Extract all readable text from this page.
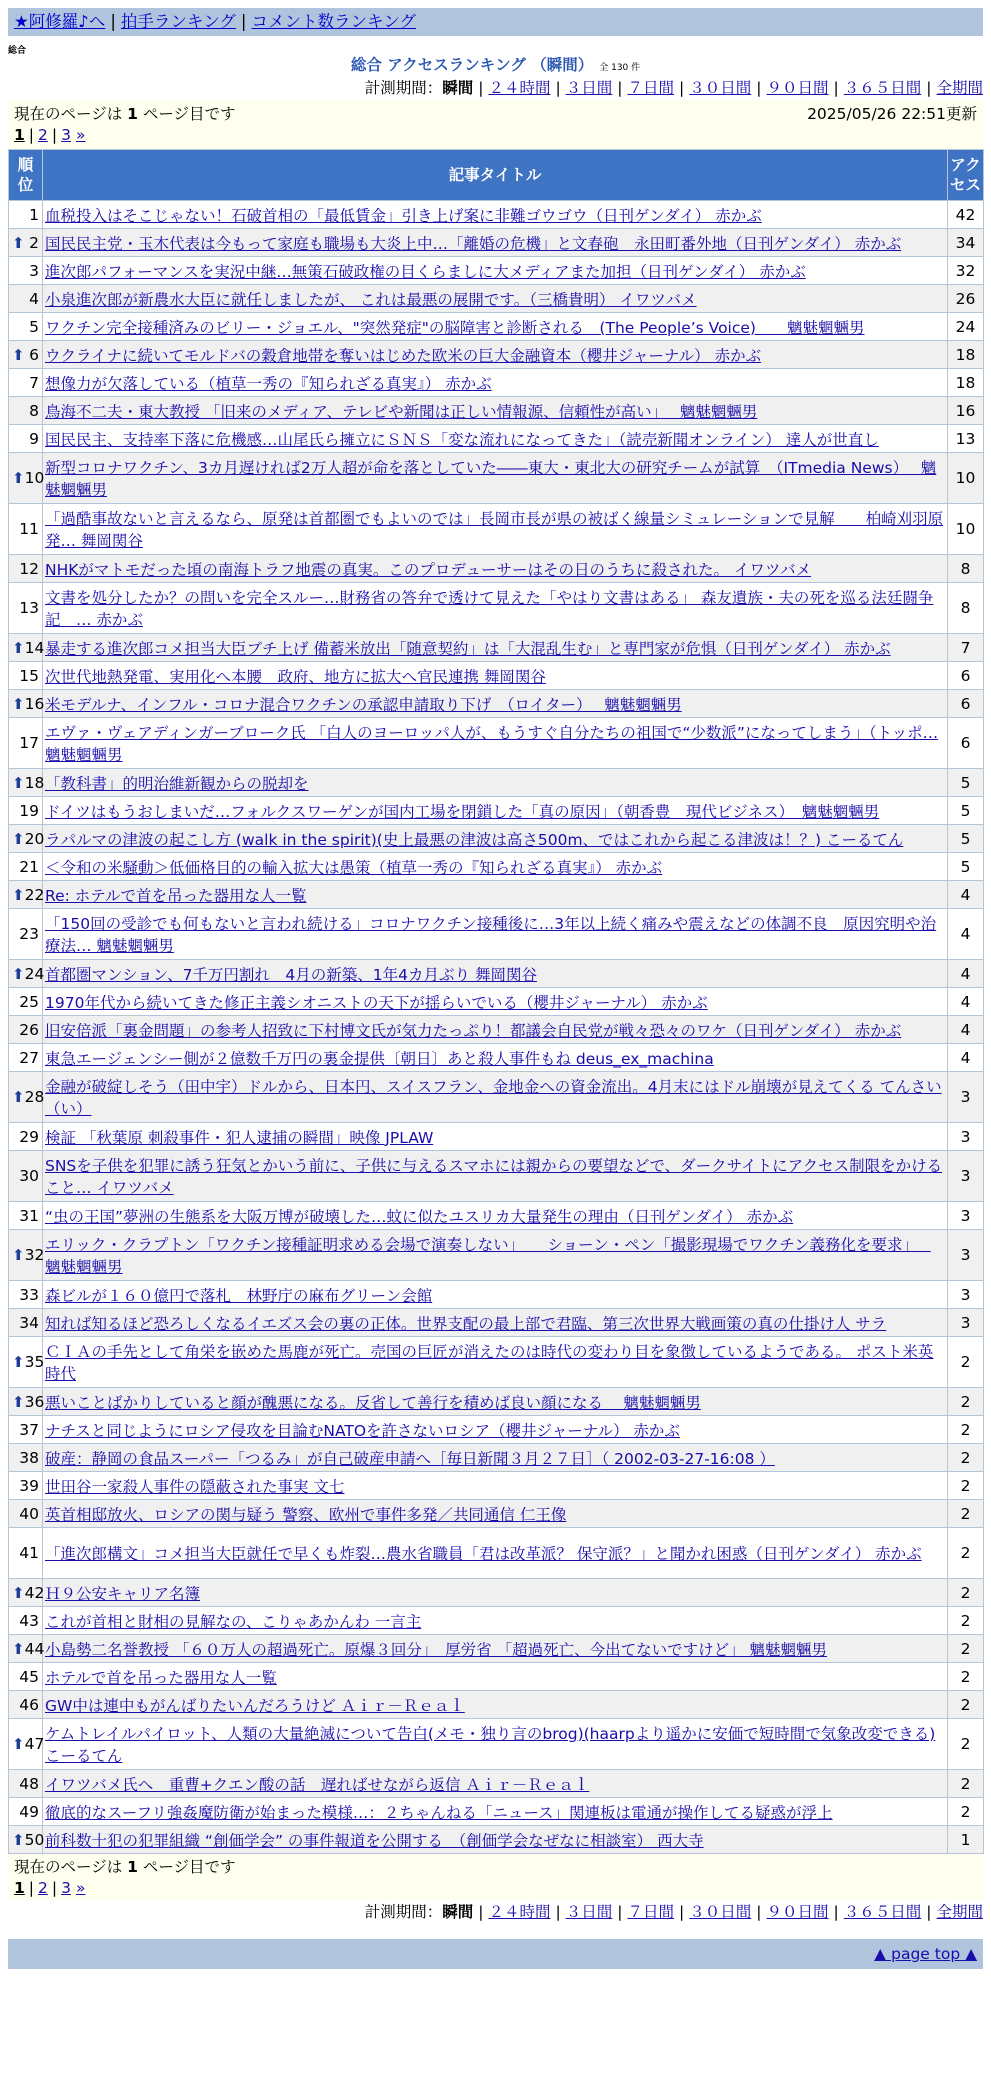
★阿修羅♪へ | 拍手ランキング | コメント数ランキング
総合
総合 アクセスランキング （瞬間） 全 130 件
計測期間：瞬間 | ２４時間 | ３日間 | ７日間 | ３０日間 | ９０日間 | ３６５日間 | 全期間
現在のページは 1 ページ目です	2025/05/26 22:51更新
1 | 2 | 3 »
順位	記事タイトル	アクセス
1	血税投入はそこじゃない！石破首相の「最低賃金」引き上げ案に非難ゴウゴウ（日刊ゲンダイ） 赤かぶ	42

⬆ 2	国民民主党・玉木代表は今もって家庭も職場も大炎上中…「離婚の危機」と文春砲　永田町番外地（日刊ゲンダイ） 赤かぶ	34
3	進次郎パフォーマンスを実況中継…無策石破政権の目くらましに大メディアまた加担（日刊ゲンダイ） 赤かぶ	32
4	小泉進次郎が新農水大臣に就任しましたが、 これは最悪の展開です。（三橋貴明） イワツバメ	26
5	ワクチン完全接種済みのビリー・ジョエル、"突然発症"の脳障害と診断される　(The People’s Voice)　　魑魅魍魎男	24

⬆ 6	ウクライナに続いてモルドバの穀倉地帯を奪いはじめた欧米の巨大金融資本（櫻井ジャーナル） 赤かぶ	18
7	想像力が欠落している（植草一秀の『知られざる真実』） 赤かぶ	18
8	鳥海不二夫・東大教授 「旧来のメディア、テレビや新聞は正しい情報源、信頼性が高い」　 魑魅魍魎男	16
9	国民民主、支持率下落に危機感…山尾氏ら擁立にＳＮＳ「変な流れになってきた」（読売新聞オンライン） 達人が世直し	13

⬆ 10	新型コロナワクチン、3カ月遅ければ2万人超が命を落としていた――東大・東北大の研究チームが試算　（ITmedia News）　 魑魅魍魎男	10
11	「過酷事故ないと言えるなら、原発は首都圏でもよいのでは」長岡市長が県の被ばく線量シミュレーションで見解　　柏崎刈羽原発… 舞岡関谷	10
12	NHKがマトモだった頃の南海トラフ地震の真実。このプロデューサーはその日のうちに殺された。 イワツバメ	8
13	文書を処分したか？の問いを完全スルー…財務省の答弁で透けて見えた「やはり文書はある」 森友遺族・夫の死を巡る法廷闘争記　… 赤かぶ	8

⬆ 14	暴走する進次郎コメ担当大臣ブチ上げ 備蓄米放出「随意契約」は「大混乱生む」と専門家が危惧（日刊ゲンダイ） 赤かぶ	7
15	次世代地熱発電、実用化へ本腰　政府、地方に拡大へ官民連携 舞岡関谷	6

⬆ 16	米モデルナ、インフル・コロナ混合ワクチンの承認申請取り下げ　（ロイター）　 魑魅魍魎男	6
17	エヴァ・ヴェアディンガーブローク氏 「白人のヨーロッパ人が、もうすぐ自分たちの祖国で“少数派”になってしまう」（トッポ… 魑魅魍魎男	6

⬆ 18	「教科書」的明治維新観からの脱却を	5
19	ドイツはもうおしまいだ…フォルクスワーゲンが国内工場を閉鎖した「真の原因」（朝香豊　現代ビジネス）　魑魅魍魎男	5

⬆ 20	ラパルマの津波の起こし方 (walk in the spirit)(史上最悪の津波は高さ500m、ではこれから起こる津波は！？) こーるてん	5
21	＜令和の米騒動＞低価格目的の輸入拡大は愚策（植草一秀の『知られざる真実』） 赤かぶ	5

⬆ 22	Re: ホテルで首を吊った器用な人一覧	4
23	「150回の受診でも何もないと言われ続ける」コロナワクチン接種後に…3年以上続く痛みや震えなどの体調不良　原因究明や治療法… 魑魅魍魎男	4

⬆ 24	首都圏マンション、7千万円割れ　4月の新築、1年4カ月ぶり 舞岡関谷	4
25	1970年代から続いてきた修正主義シオニストの天下が揺らいでいる（櫻井ジャーナル） 赤かぶ	4
26	旧安倍派「裏金問題」の参考人招致に下村博文氏が気力たっぷり！都議会自民党が戦々恐々のワケ（日刊ゲンダイ） 赤かぶ	4
27	東急エージェンシー側が２億数千万円の裏金提供〔朝日〕あと殺人事件もね deus_ex_machina	4

⬆ 28	金融が破綻しそう（田中宇）ドルから、日本円、スイスフラン、金地金への資金流出。4月末にはドル崩壊が見えてくる てんさい（い）	3
29	検証 「秋葉原 刺殺事件・犯人逮捕の瞬間」映像 JPLAW	3
30	SNSを子供を犯罪に誘う狂気とかいう前に、子供に与えるスマホには親からの要望などで、ダークサイトにアクセス制限をかけること… イワツバメ	3
31	“虫の王国”夢洲の生態系を大阪万博が破壊した…蚊に似たユスリカ大量発生の理由（日刊ゲンダイ） 赤かぶ	3

⬆ 32	エリック・クラプトン「ワクチン接種証明求める会場で演奏しない」　　ショーン・ペン「撮影現場でワクチン義務化を要求」　 魑魅魍魎男	3
33	森ビルが１６０億円で落札　林野庁の麻布グリーン会館	3
34	知れば知るほど恐ろしくなるイエズス会の裏の正体。世界支配の最上部で君臨、第三次世界大戦画策の真の仕掛け人 サラ	3

⬆ 35	ＣＩＡの手先として角栄を嵌めた馬鹿が死亡。売国の巨匠が消えたのは時代の変わり目を象徴しているようである。 ポスト米英時代	2

⬆ 36	悪いことばかりしていると顔が醜悪になる。反省して善行を積めば良い顔になる　 魑魅魍魎男	2
37	ナチスと同じようにロシア侵攻を目論むNATOを許さないロシア（櫻井ジャーナル） 赤かぶ	2
38	破産：静岡の食品スーパー「つるみ」が自己破産申請へ［毎日新聞３月２７日］（ 2002-03-27-16:08 ）	2
39	世田谷一家殺人事件の隠蔽された事実 文七	2
40	英首相邸放火、ロシアの関与疑う 警察、欧州で事件多発／共同通信 仁王像	2
41	「進次郎構文」コメ担当大臣就任で早くも炸裂…農水省職員「君は改革派？ 保守派？」と聞かれ困惑（日刊ゲンダイ） 赤かぶ	2

⬆ 42	Ｈ９公安キャリア名簿	2
43	これが首相と財相の見解なの、こりゃあかんわ 一言主	2

⬆ 44	小島勢二名誉教授 「６０万人の超過死亡。原爆３回分」　厚労省 「超過死亡、今出てないですけど」 魑魅魍魎男	2
45	ホテルで首を吊った器用な人一覧	2
46	GW中は連中もがんばりたいんだろうけど Ａｉｒ－Ｒｅａｌ	2

⬆ 47	ケムトレイルパイロット、人類の大量絶滅について告白(メモ・独り言のbrog)(haarpより遥かに安価で短時間で気象改変できる) こーるてん	2
48	イワツバメ氏へ　重曹+クエン酸の話　遅ればせながら返信 Ａｉｒ－Ｒｅａｌ	2
49	徹底的なスーフリ強姦魔防衛が始まった模様…：２ちゃんねる「ニュース」関連板は電通が操作してる疑惑が浮上	2

⬆ 50	前科数十犯の犯罪組織 “創価学会” の事件報道を公開する　（創価学会なぜなに相談室） 西大寺	1
現在のページは 1 ページ目です
1 | 2 | 3 »
計測期間：瞬間 | ２４時間 | ３日間 | ７日間 | ３０日間 | ９０日間 | ３６５日間 | 全期間
▲ page top ▲
